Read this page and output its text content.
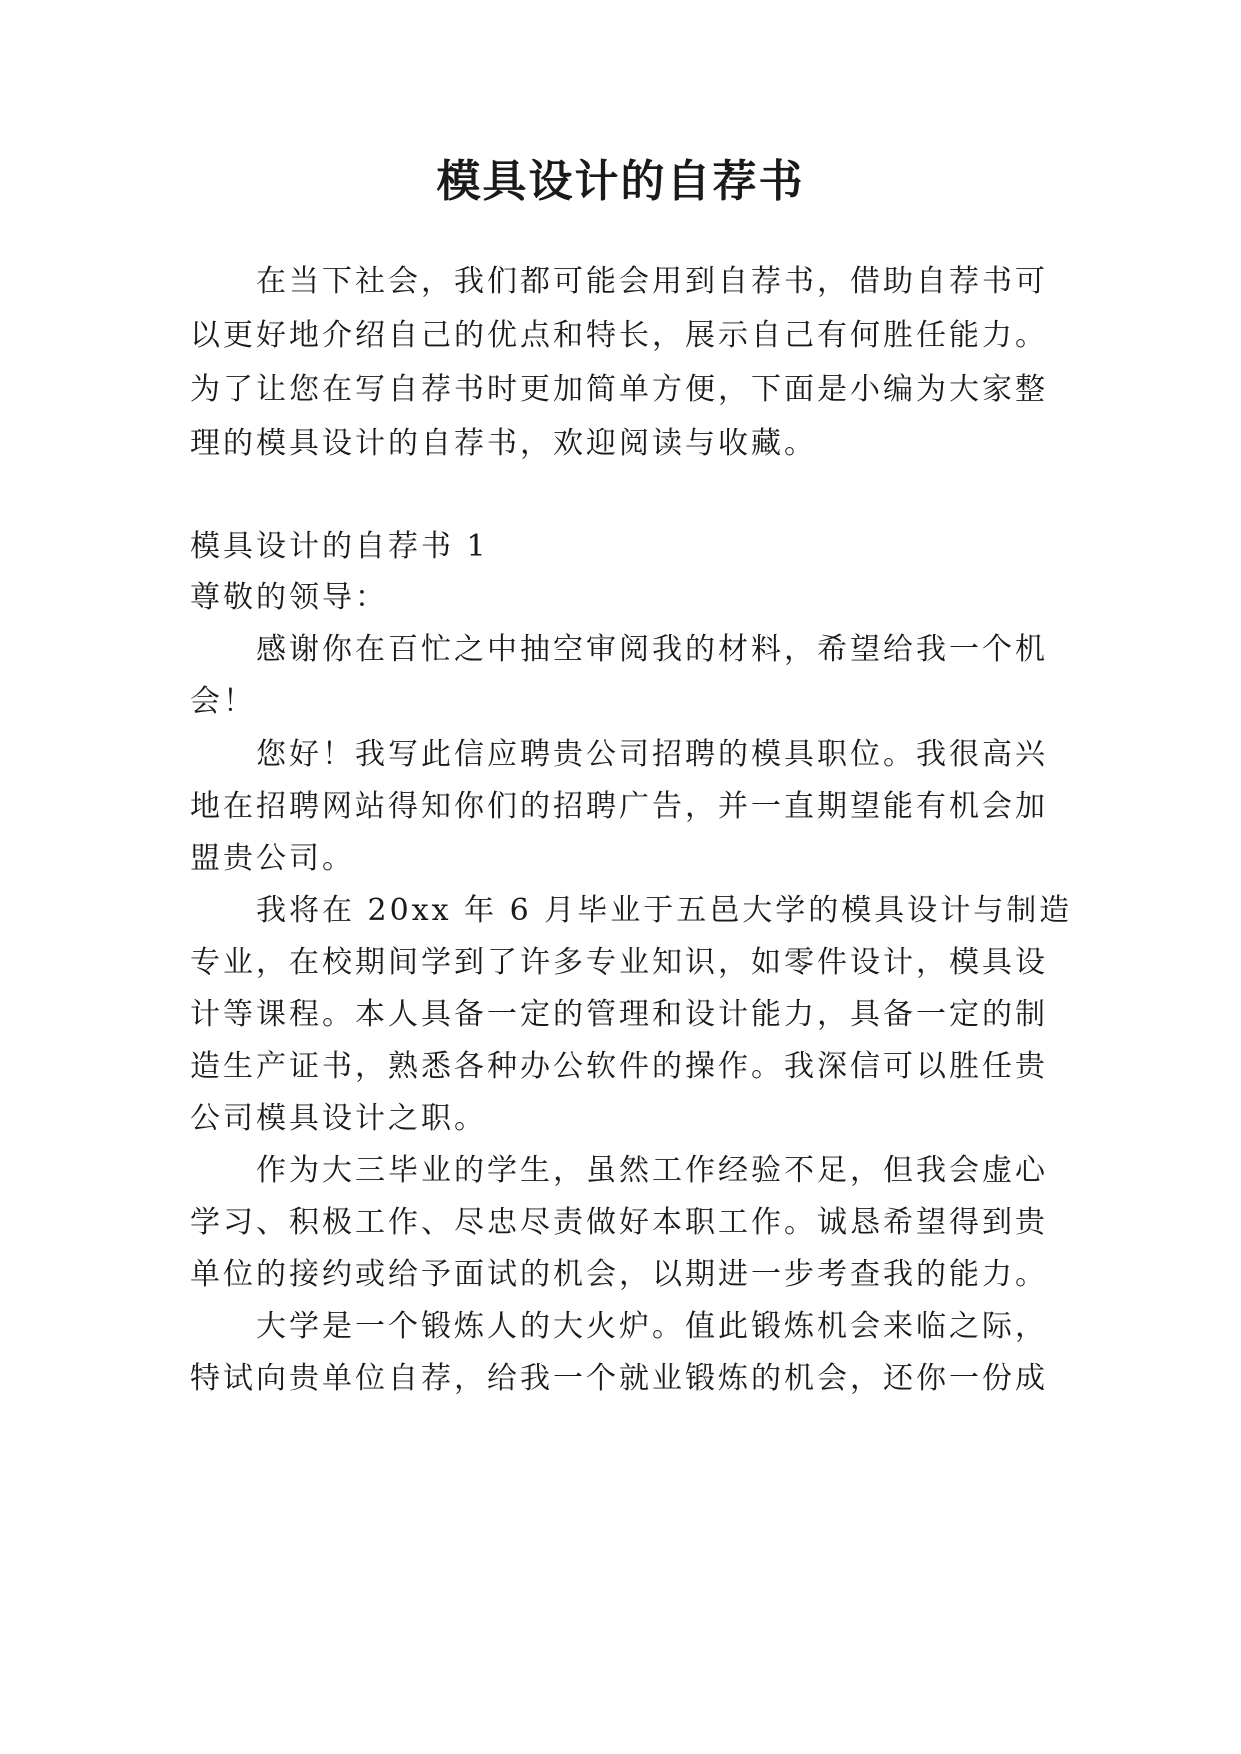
模具设计的自荐书

在当下社会，我们都可能会用到自荐书，借助自荐书可

以更好地介绍自己的优点和特长，展示自己有何胜任能力。

为了让您在写自荐书时更加简单方便，下面是小编为大家整

理的模具设计的自荐书，欢迎阅读与收藏。

模具设计的自荐书 1

尊敬的领导：

感谢你在百忙之中抽空审阅我的材料，希望给我一个机

会！

您好！我写此信应聘贵公司招聘的模具职位。我很高兴

地在招聘网站得知你们的招聘广告，并一直期望能有机会加

盟贵公司。

我将在 20xx 年 6 月毕业于五邑大学的模具设计与制造

专业，在校期间学到了许多专业知识，如零件设计，模具设

计等课程。本人具备一定的管理和设计能力，具备一定的制

造生产证书，熟悉各种办公软件的操作。我深信可以胜任贵

公司模具设计之职。

作为大三毕业的学生，虽然工作经验不足，但我会虚心

学习、积极工作、尽忠尽责做好本职工作。诚恳希望得到贵

单位的接约或给予面试的机会，以期进一步考查我的能力。

大学是一个锻炼人的大火炉。值此锻炼机会来临之际，

特试向贵单位自荐，给我一个就业锻炼的机会，还你一份成
